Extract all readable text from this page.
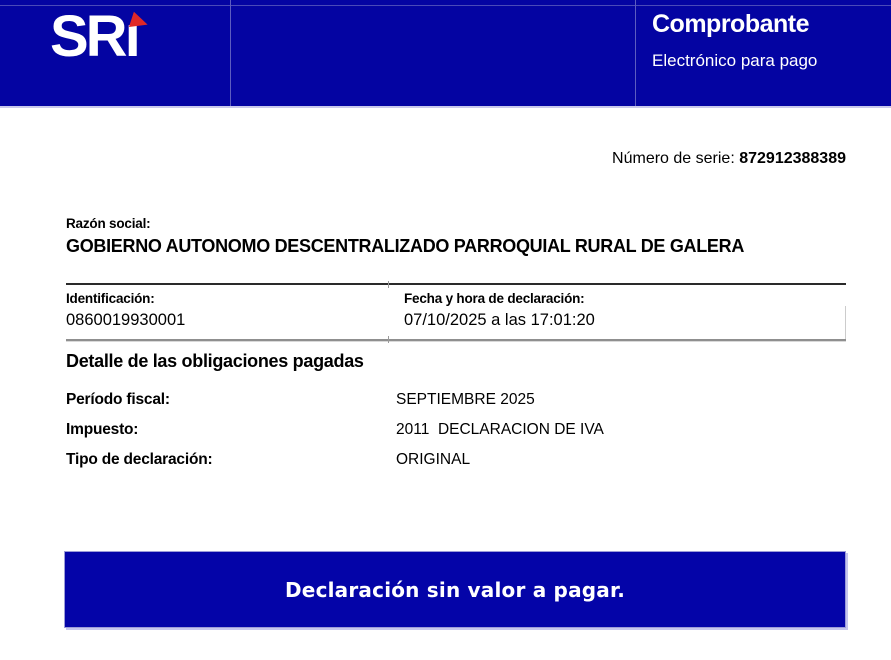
SRı	Comprobante
Electrónico para pago
Número de serie: 872912388389
Razón social:
GOBIERNO AUTONOMO DESCENTRALIZADO PARROQUIAL RURAL DE GALERA
Identificación:	Fecha y hora de declaración:
0860019930001	07/10/2025 a las 17:01:20
Detalle de las obligaciones pagadas
Período fiscal:	SEPTIEMBRE 2025
Impuesto:	2011  DECLARACION DE IVA
Tipo de declaración:	ORIGINAL
Declaración sin valor a pagar.
